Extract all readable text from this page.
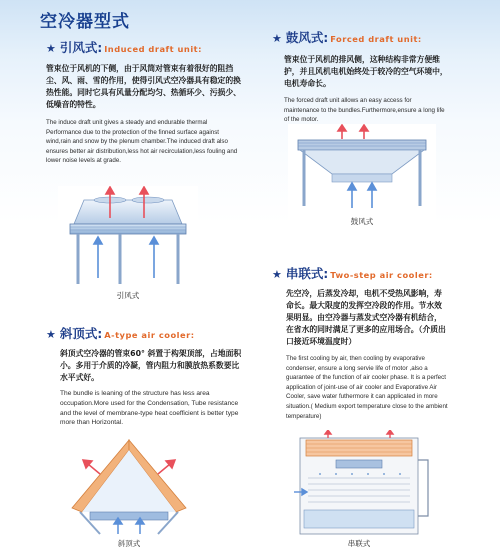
空冷器型式
★ 引风式 : Induced draft unit:
管束位于风机的下侧，由于风筒对管束有着很好的阻挡尘、风、雨、雪的作用，使得引风式空冷器具有稳定的换热性能。同时它具有风量分配均匀、热循环少、污损少、低噪音的特性。
The induce draft unit gives a steady and endurable thermal Performance due to the protection of the finned surface against wind,rain and snow by the plenum chamber.The induced draft also ensures better air distribution,less hot air recirculation,less fouling and lower noise levels at grade.
引风式
★ 鼓风式 : Forced draft unit:
管束位于风机的排风侧，这种结构非常方便维护，并且风机电机始终处于较冷的空气环境中，电机寿命长。
The forced draft unit allows an easy access for maintenance to the bundles.Furthermore,ensure a long life of the motor.
鼓风式
★ 斜顶式 : A-type air cooler:
斜顶式空冷器的管束60° 斜置于构架顶部，占地面积小。多用于介质的冷凝，管内阻力和膜放热系数要比水平式好。
The bundle is leaning of the structure has less area occupation.More used for the Condensation, Tube resistance and the level of membrane-type heat coefficient is better type more than Horizontal.
斜顶式
★ 串联式 : Two-step air cooler:
先空冷，后蒸发冷却，电机不受热风影响，寿命长。最大限度的发挥空冷段的作用。节水效果明显。由空冷器与蒸发式空冷器有机结合，在省水的同时满足了更多的应用场合。（介质出口接近环境温度时）
The first cooling by air, then cooling by evaporative condenser, ensure a long servie life of motor ,also a guarantee of the function of air cooler phase. It is a perfect application of joint-use of air cooler and Evaporative Air Cooler, save water futhermore it can applicated in more situation.( Medium export temperature close to the ambient temperature)
串联式
